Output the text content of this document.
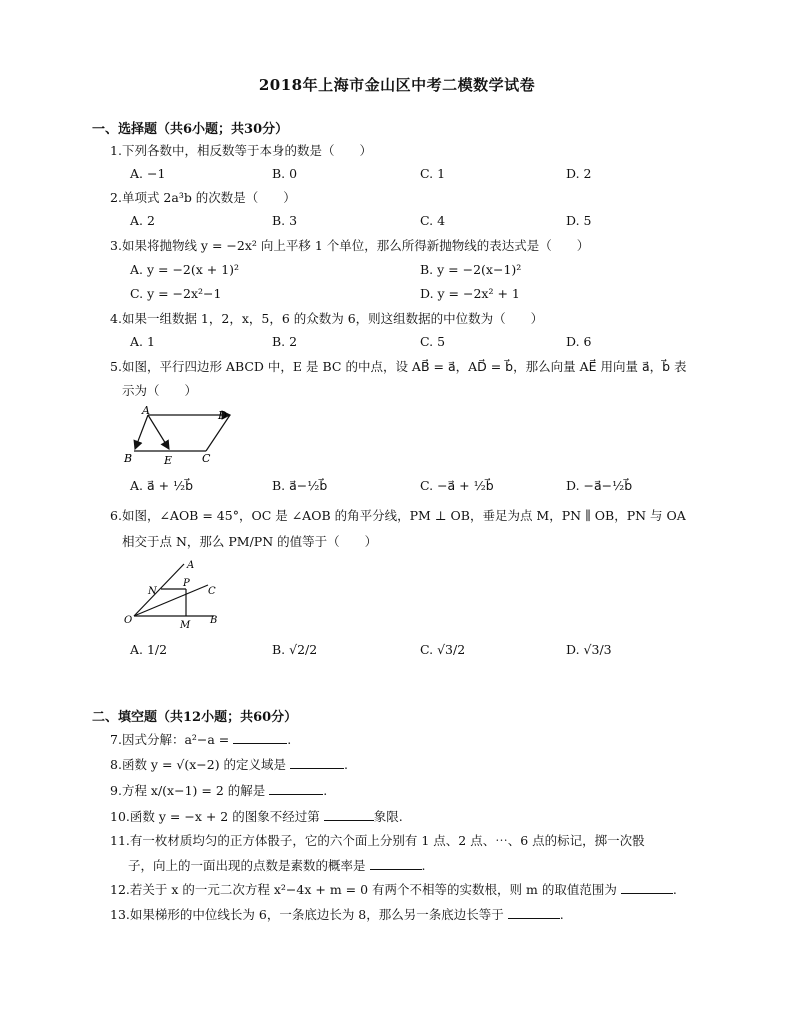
2018年上海市金山区中考二模数学试卷
一、选择题（共6小题；共30分）
1.下列各数中，相反数等于本身的数是（　　）
A. −1	B. 0	C. 1	D. 2
2.单项式 2a³b 的次数是（　　）
A. 2	B. 3	C. 4	D. 5
3.如果将抛物线 y = −2x² 向上平移 1 个单位，那么所得新抛物线的表达式是（　　）
A. y = −2(x + 1)²	B. y = −2(x−1)²
C. y = −2x²−1	D. y = −2x² + 1
4.如果一组数据 1，2，x，5，6 的众数为 6，则这组数据的中位数为（　　）
A. 1	B. 2	C. 5	D. 6
5.如图，平行四边形 ABCD 中，E 是 BC 的中点，设 AB⃗ = a⃗，AD⃗ = b⃗，那么向量 AE⃗ 用向量 a⃗，b⃗ 表
示为（　　）
A	D
B	E	C
A. a⃗ + ½b⃗	B. a⃗−½b⃗	C. −a⃗ + ½b⃗	D. −a⃗−½b⃗
6.如图，∠AOB = 45°，OC 是 ∠AOB 的角平分线，PM ⊥ OB，垂足为点 M，PN ∥ OB，PN 与 OA
相交于点 N，那么 PM/PN 的值等于（　　）
A
C
N
P
O	M B
A. 1/2	B. √2/2	C. √3/2	D. √3/3
二、填空题（共12小题；共60分）
7.因式分解：a²−a =	.
8.函数 y = √(x−2) 的定义域是	.
9.方程 x/(x−1) = 2 的解是	.
10.函数 y = −x + 2 的图象不经过第	象限.
11.有一枚材质均匀的正方体骰子，它的六个面上分别有 1 点、2 点、⋯、6 点的标记，掷一次骰
子，向上的一面出现的点数是素数的概率是	.
12.若关于 x 的一元二次方程 x²−4x + m = 0 有两个不相等的实数根，则 m 的取值范围为	.
13.如果梯形的中位线长为 6，一条底边长为 8，那么另一条底边长等于	.
